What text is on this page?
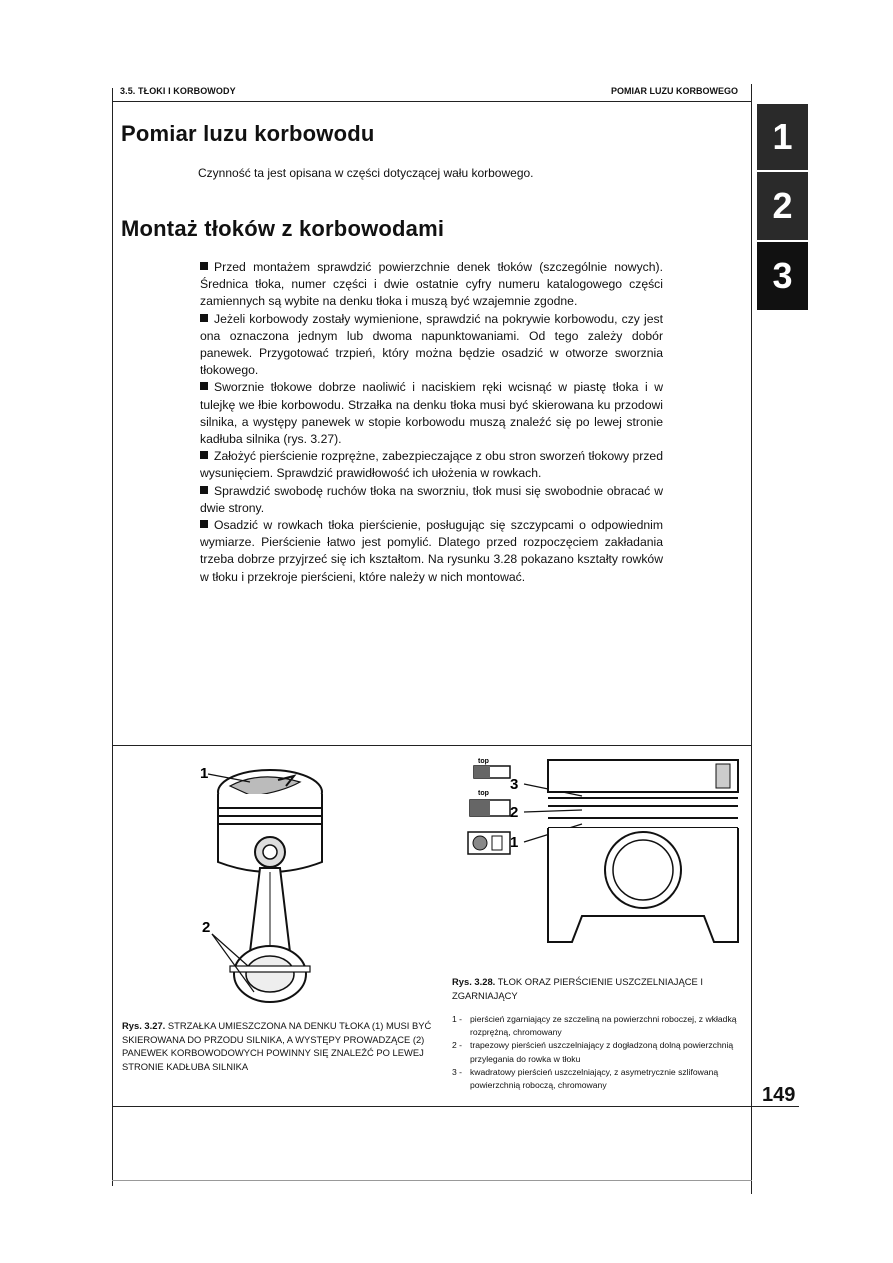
3.5. TŁOKI I KORBOWODY	POMIAR LUZU KORBOWEGO
1
2
3
Pomiar luzu korbowodu
Czynność ta jest opisana w części dotyczącej wału korbowego.
Montaż tłoków z korbowodami

Przed montażem sprawdzić powierzchnie denek tłoków (szczególnie nowych). Średnica tłoka, numer części i dwie ostatnie cyfry numeru katalogowego części zamiennych są wybite na denku tłoka i muszą być wzajemnie zgodne.

Jeżeli korbowody zostały wymienione, sprawdzić na pokrywie korbowodu, czy jest ona oznaczona jednym lub dwoma napunktowaniami. Od tego zależy dobór panewek. Przygotować trzpień, który można będzie osadzić w otworze sworznia tłokowego.

Sworznie tłokowe dobrze naoliwić i naciskiem ręki wcisnąć w piastę tłoka i w tulejkę we łbie korbowodu. Strzałka na denku tłoka musi być skierowana ku przodowi silnika, a występy panewek w stopie korbowodu muszą znaleźć się po lewej stronie kadłuba silnika (rys. 3.27).

Założyć pierścienie rozprężne, zabezpieczające z obu stron sworzeń tłokowy przed wysunięciem. Sprawdzić prawidłowość ich ułożenia w rowkach.

Sprawdzić swobodę ruchów tłoka na sworzniu, tłok musi się swobodnie obracać w dwie strony.

Osadzić w rowkach tłoka pierścienie, posługując się szczypcami o odpowiednim wymiarze. Pierścienie łatwo jest pomylić. Dlatego przed rozpoczęciem zakładania trzeba dobrze przyjrzeć się ich kształtom. Na rysunku 3.28 pokazano kształty rowków w tłoku i przekroje pierścieni, które należy w nich montować.

1
2
top
top
3
2
1
Rys. 3.27. STRZAŁKA UMIESZCZONA NA DENKU TŁOKA (1) MUSI BYĆ SKIEROWANA DO PRZODU SILNIKA, A WYSTĘPY PROWADZĄCE (2) PANEWEK KORBOWODOWYCH POWINNY SIĘ ZNALEŹĆ PO LEWEJ STRONIE KADŁUBA SILNIKA
Rys. 3.28. TŁOK ORAZ PIERŚCIENIE USZCZELNIAJĄCE I ZGARNIAJĄCY
1 - pierścień zgarniający ze szczeliną na powierzchni roboczej, z wkładką rozprężną, chromowany
2 - trapezowy pierścień uszczelniający z dogładzoną dolną powierzchnią przylegania do rowka w tłoku
3 - kwadratowy pierścień uszczelniający, z asymetrycznie szlifowaną powierzchnią roboczą, chromowany	149
